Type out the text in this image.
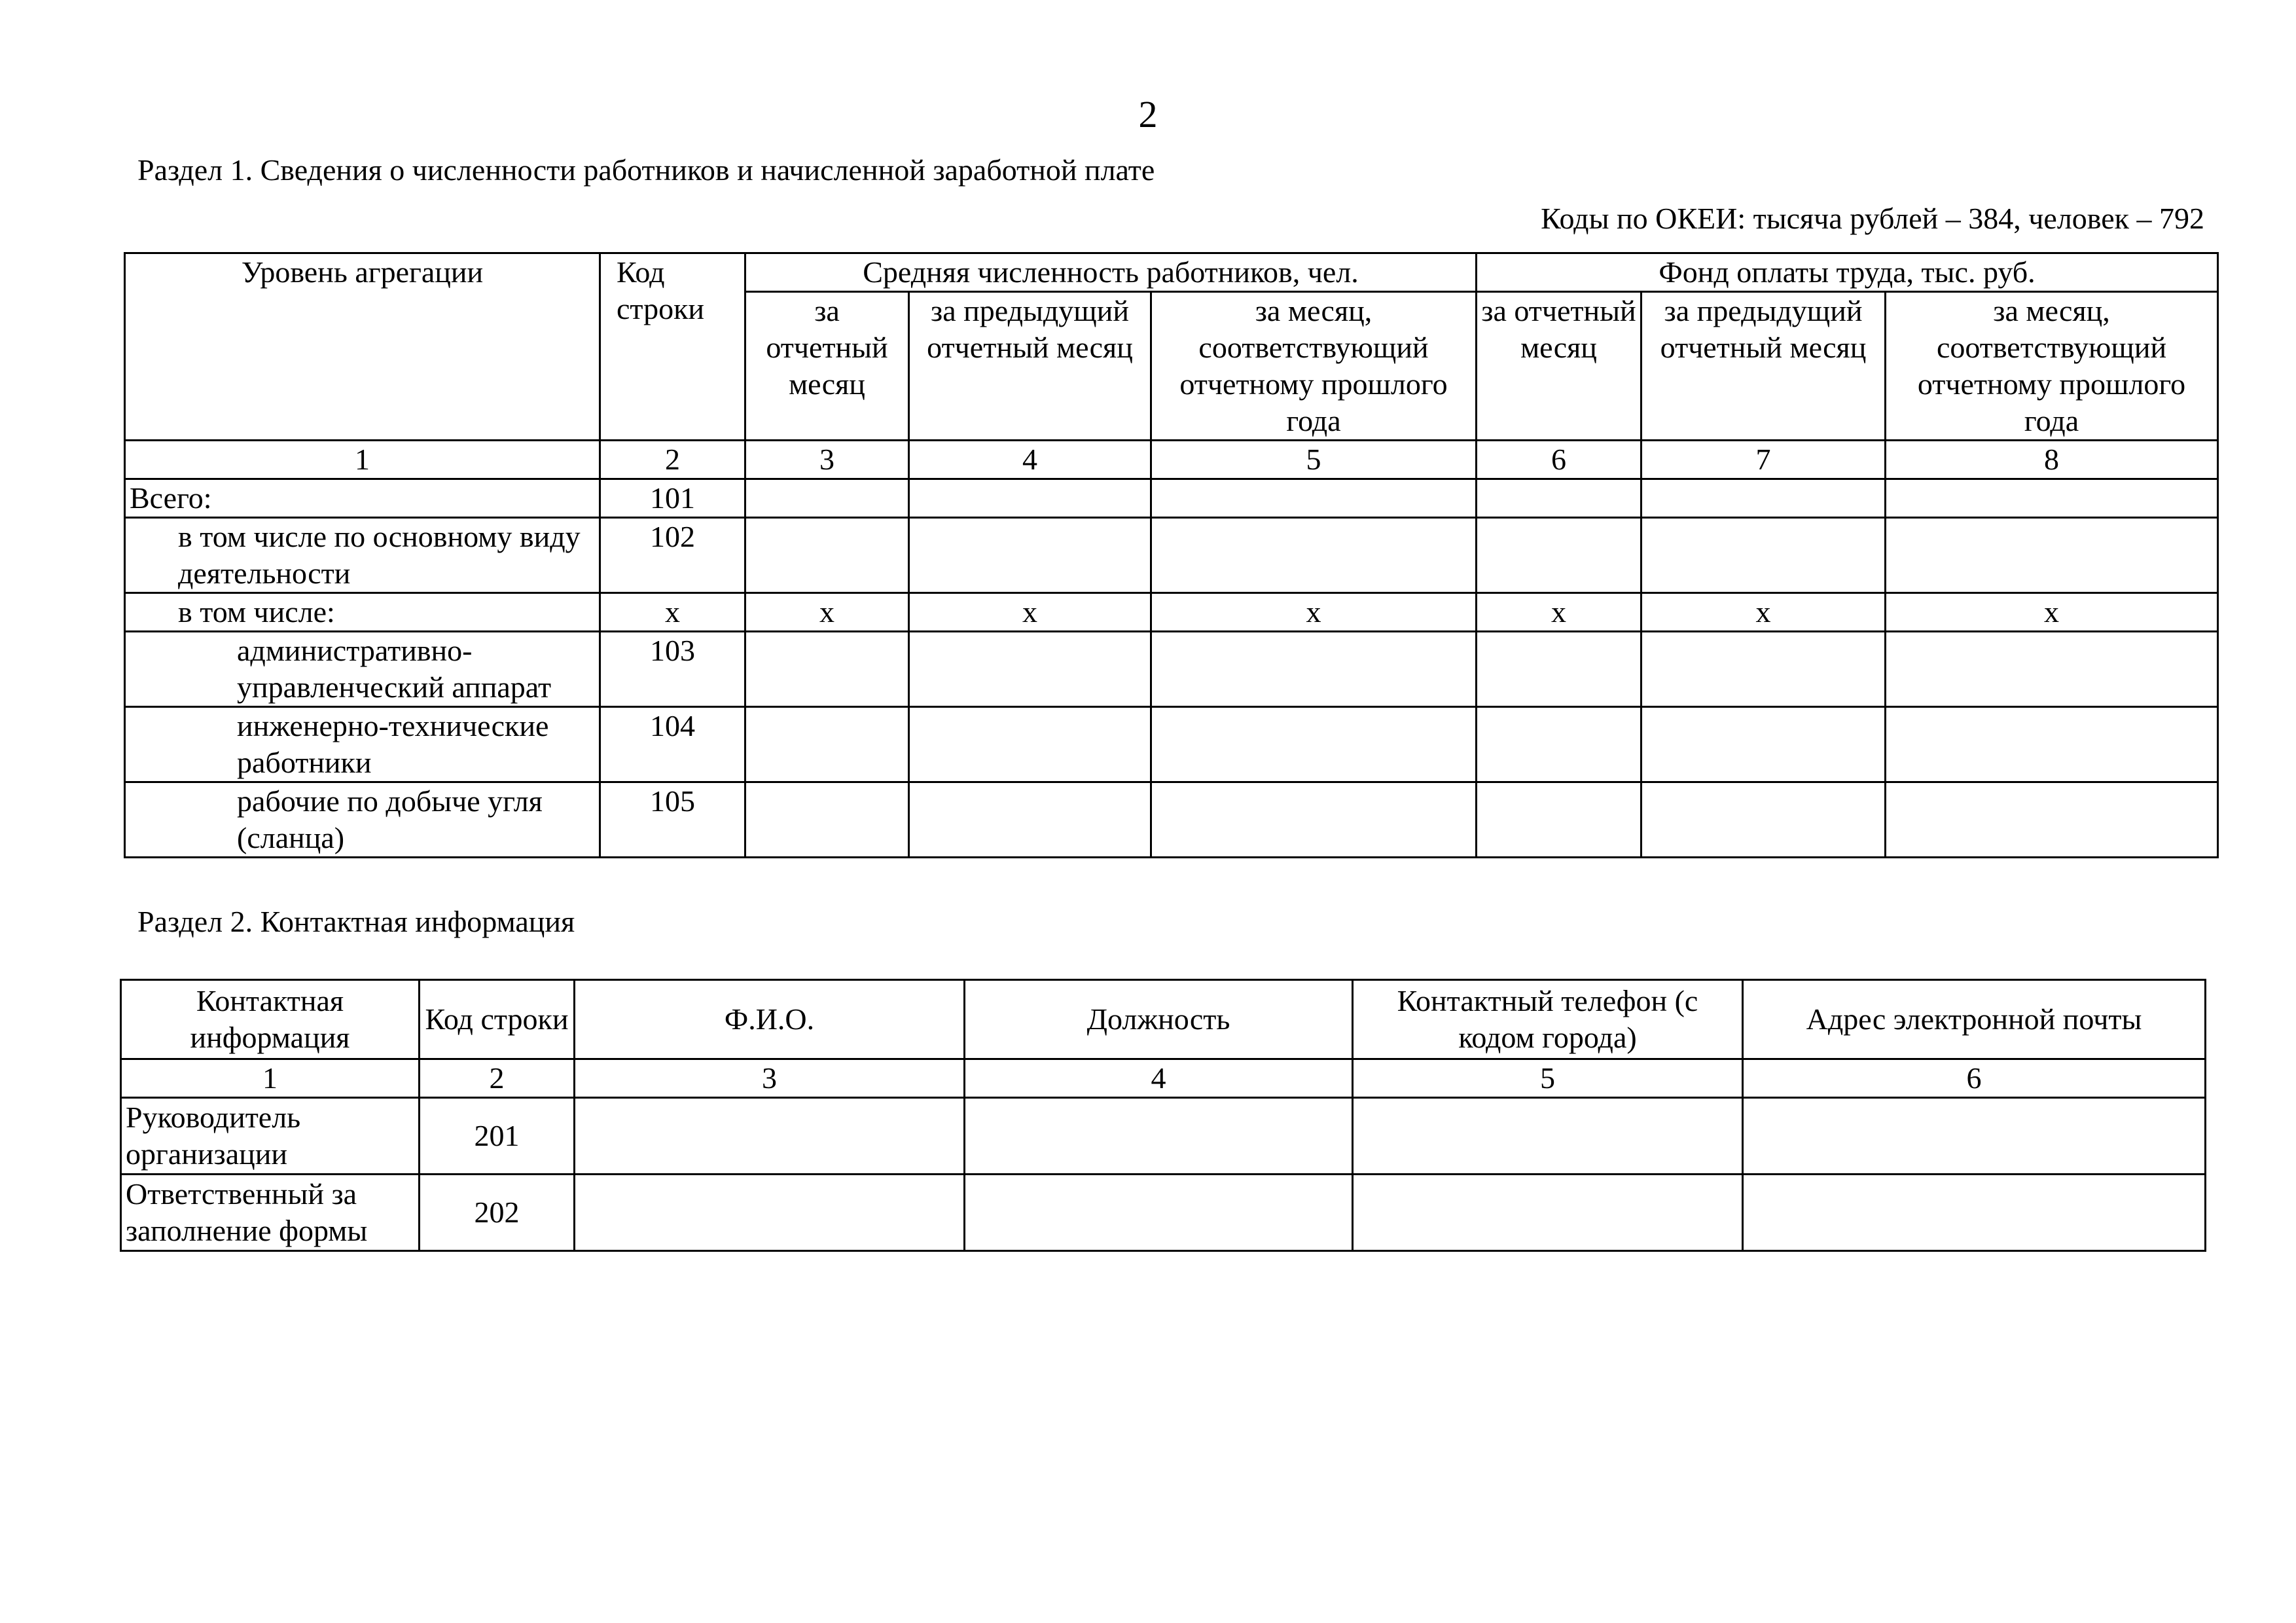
2
Раздел 1. Сведения о численности работников и начисленной заработной плате
Коды по ОКЕИ: тысяча рублей – 384, человек – 792
Уровень агрегации	Код строки	Средняя численность работников, чел.			Фонд оплаты труда, тыс. руб.		
		за отчетный месяц	за предыдущий отчетный месяц	за месяц, соответствующий отчетному прошлого года	за отчетный месяц	за предыдущий отчетный месяц	за месяц, соответствующий отчетному прошлого года
1	2	3	4	5	6	7	8
Всего:	101						
в том числе по основному виду деятельности	102						
в том числе:	х	х	х	х	х	х	х
административно-управленческий аппарат	103						
инженерно-технические работники	104						
рабочие по добыче угля (сланца)	105						
Раздел 2. Контактная информация
Контактная информация	Код строки	Ф.И.О.	Должность	Контактный телефон (с кодом города)	Адрес электронной почты
1	2	3	4	5	6
Руководитель организации	201				
Ответственный за заполнение формы	202				
